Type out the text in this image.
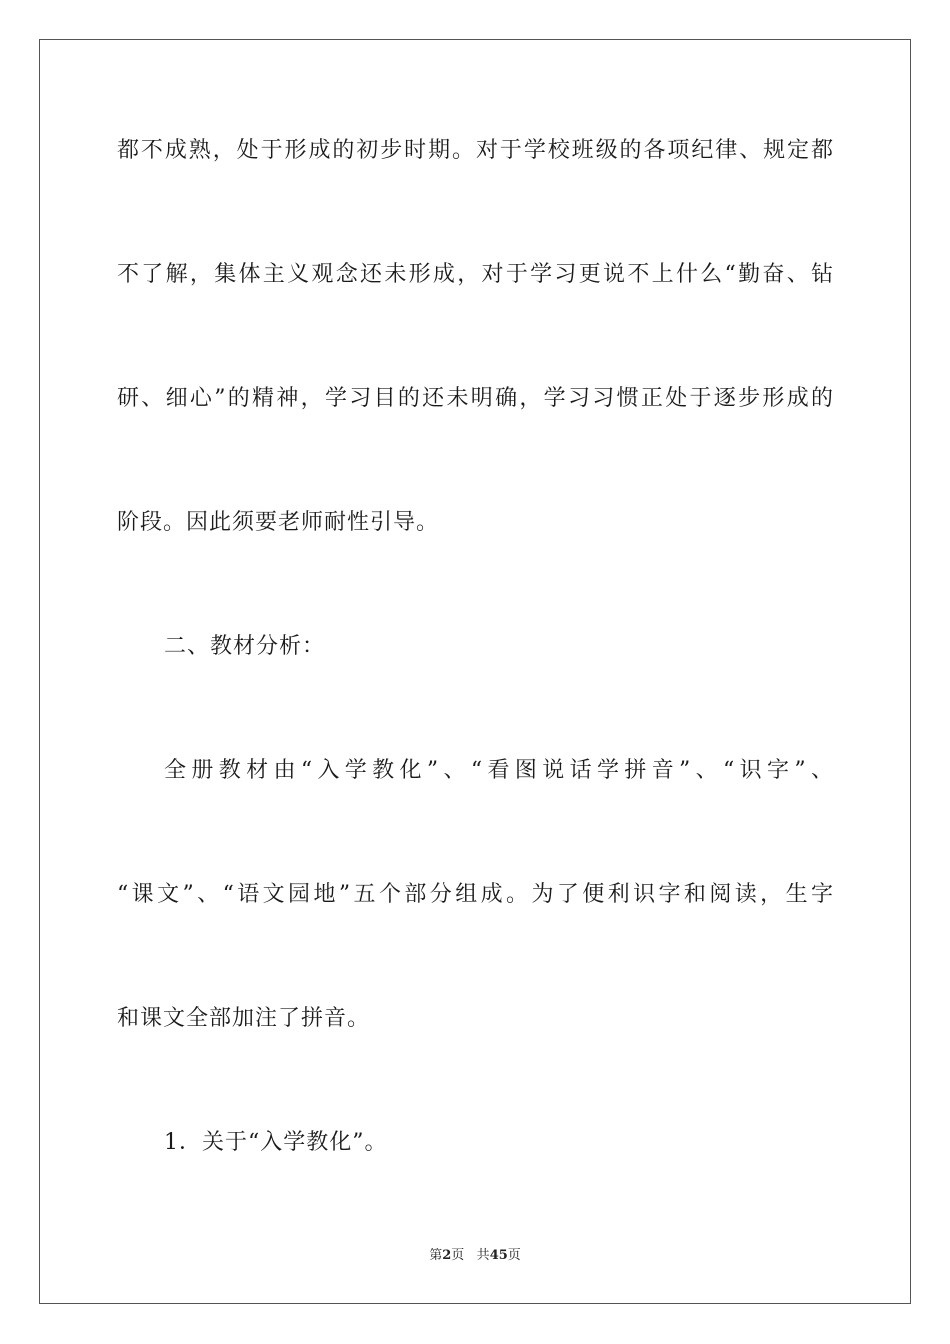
都不成熟，处于形成的初步时期。对于学校班级的各项纪律、规定都
不了解，集体主义观念还未形成，对于学习更说不上什么“勤奋、钻
研、细心”的精神，学习目的还未明确，学习习惯正处于逐步形成的
阶段。因此须要老师耐性引导。
二、教材分析：
全册教材由“入学教化”、“看图说话学拼音”、“识字”、
“课文”、“语文园地”五个部分组成。为了便利识字和阅读，生字
和课文全部加注了拼音。
1．关于“入学教化”。
第2页 共45页
